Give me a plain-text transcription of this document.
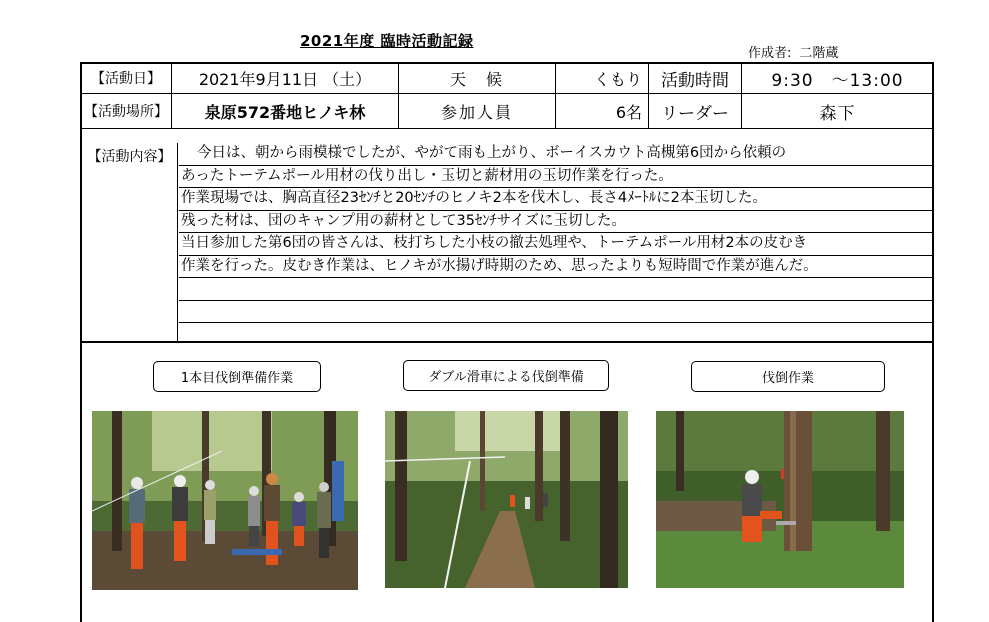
2021年度 臨時活動記録
作成者: 二階蔵
【活動日】	2021年9月11日 （土）	天　候	くもり	活動時間	9:30　～13:00
【活動場所】	泉原572番地ヒノキ林	参加人員	6名	リーダー	森下
【活動内容】	今日は、朝から雨模様でしたが、やがて雨も上がり、ボーイスカウト高槻第6団から依頼の
あったトーテムポール用材の伐り出し・玉切と薪材用の玉切作業を行った。
作業現場では、胸高直径23ｾﾝﾁと20ｾﾝﾁのヒノキ2本を伐木し、長さ4ﾒｰﾄﾙに2本玉切した。
残った材は、団のキャンプ用の薪材として35ｾﾝﾁサイズに玉切した。
当日参加した第6団の皆さんは、枝打ちした小枝の撤去処理や、トーテムポール用材2本の皮むき
作業を行った。皮むき作業は、ヒノキが水揚げ時期のため、思ったよりも短時間で作業が進んだ。
1本目伐倒準備作業	ダブル滑車による伐倒準備	伐倒作業
